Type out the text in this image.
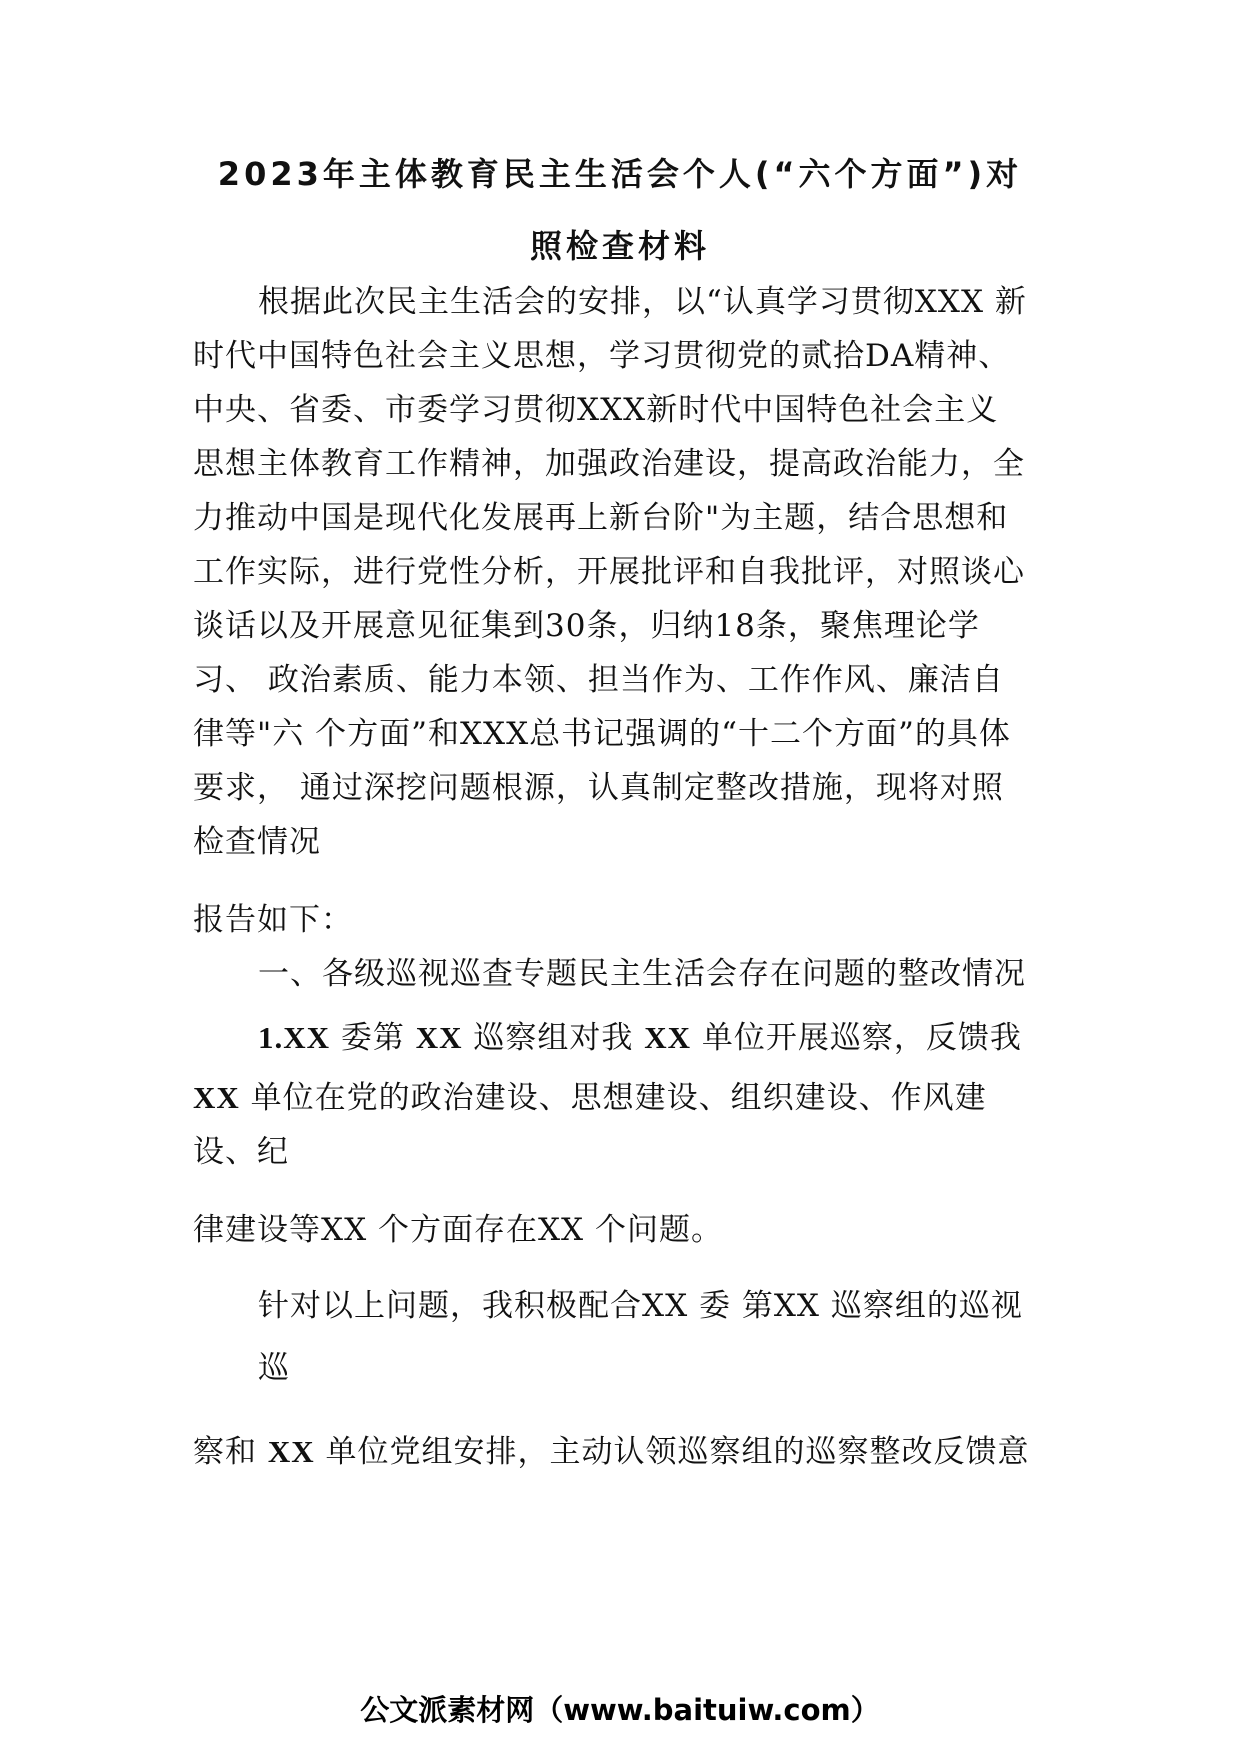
2023年主体教育民主生活会个人(“六个方面”)对
照检查材料
根据此次民主生活会的安排，以“认真学习贯彻XXX 新
时代中国特色社会主义思想，学习贯彻党的贰拾DA精神、
中央、省委、市委学习贯彻XXX新时代中国特色社会主义
思想主体教育工作精神，加强政治建设，提高政治能力，全
力推动中国是现代化发展再上新台阶"为主题，结合思想和
工作实际，进行党性分析，开展批评和自我批评，对照谈心
谈话以及开展意见征集到30条，归纳18条，聚焦理论学
习、 政治素质、能力本领、担当作为、工作作风、廉洁自
律等"六 个方面”和XXX总书记强调的“十二个方面”的具体
要求， 通过深挖问题根源，认真制定整改措施，现将对照
检查情况
报告如下：
一、各级巡视巡查专题民主生活会存在问题的整改情况
1.XX 委第 XX 巡察组对我 XX 单位开展巡察，反馈我
XX 单位在党的政治建设、思想建设、组织建设、作风建
设、纪
律建设等XX 个方面存在XX 个问题。
针对以上问题，我积极配合XX 委 第XX 巡察组的巡视
巡
察和 XX 单位党组安排，主动认领巡察组的巡察整改反馈意
公文派素材网（www.baituiw.com）
